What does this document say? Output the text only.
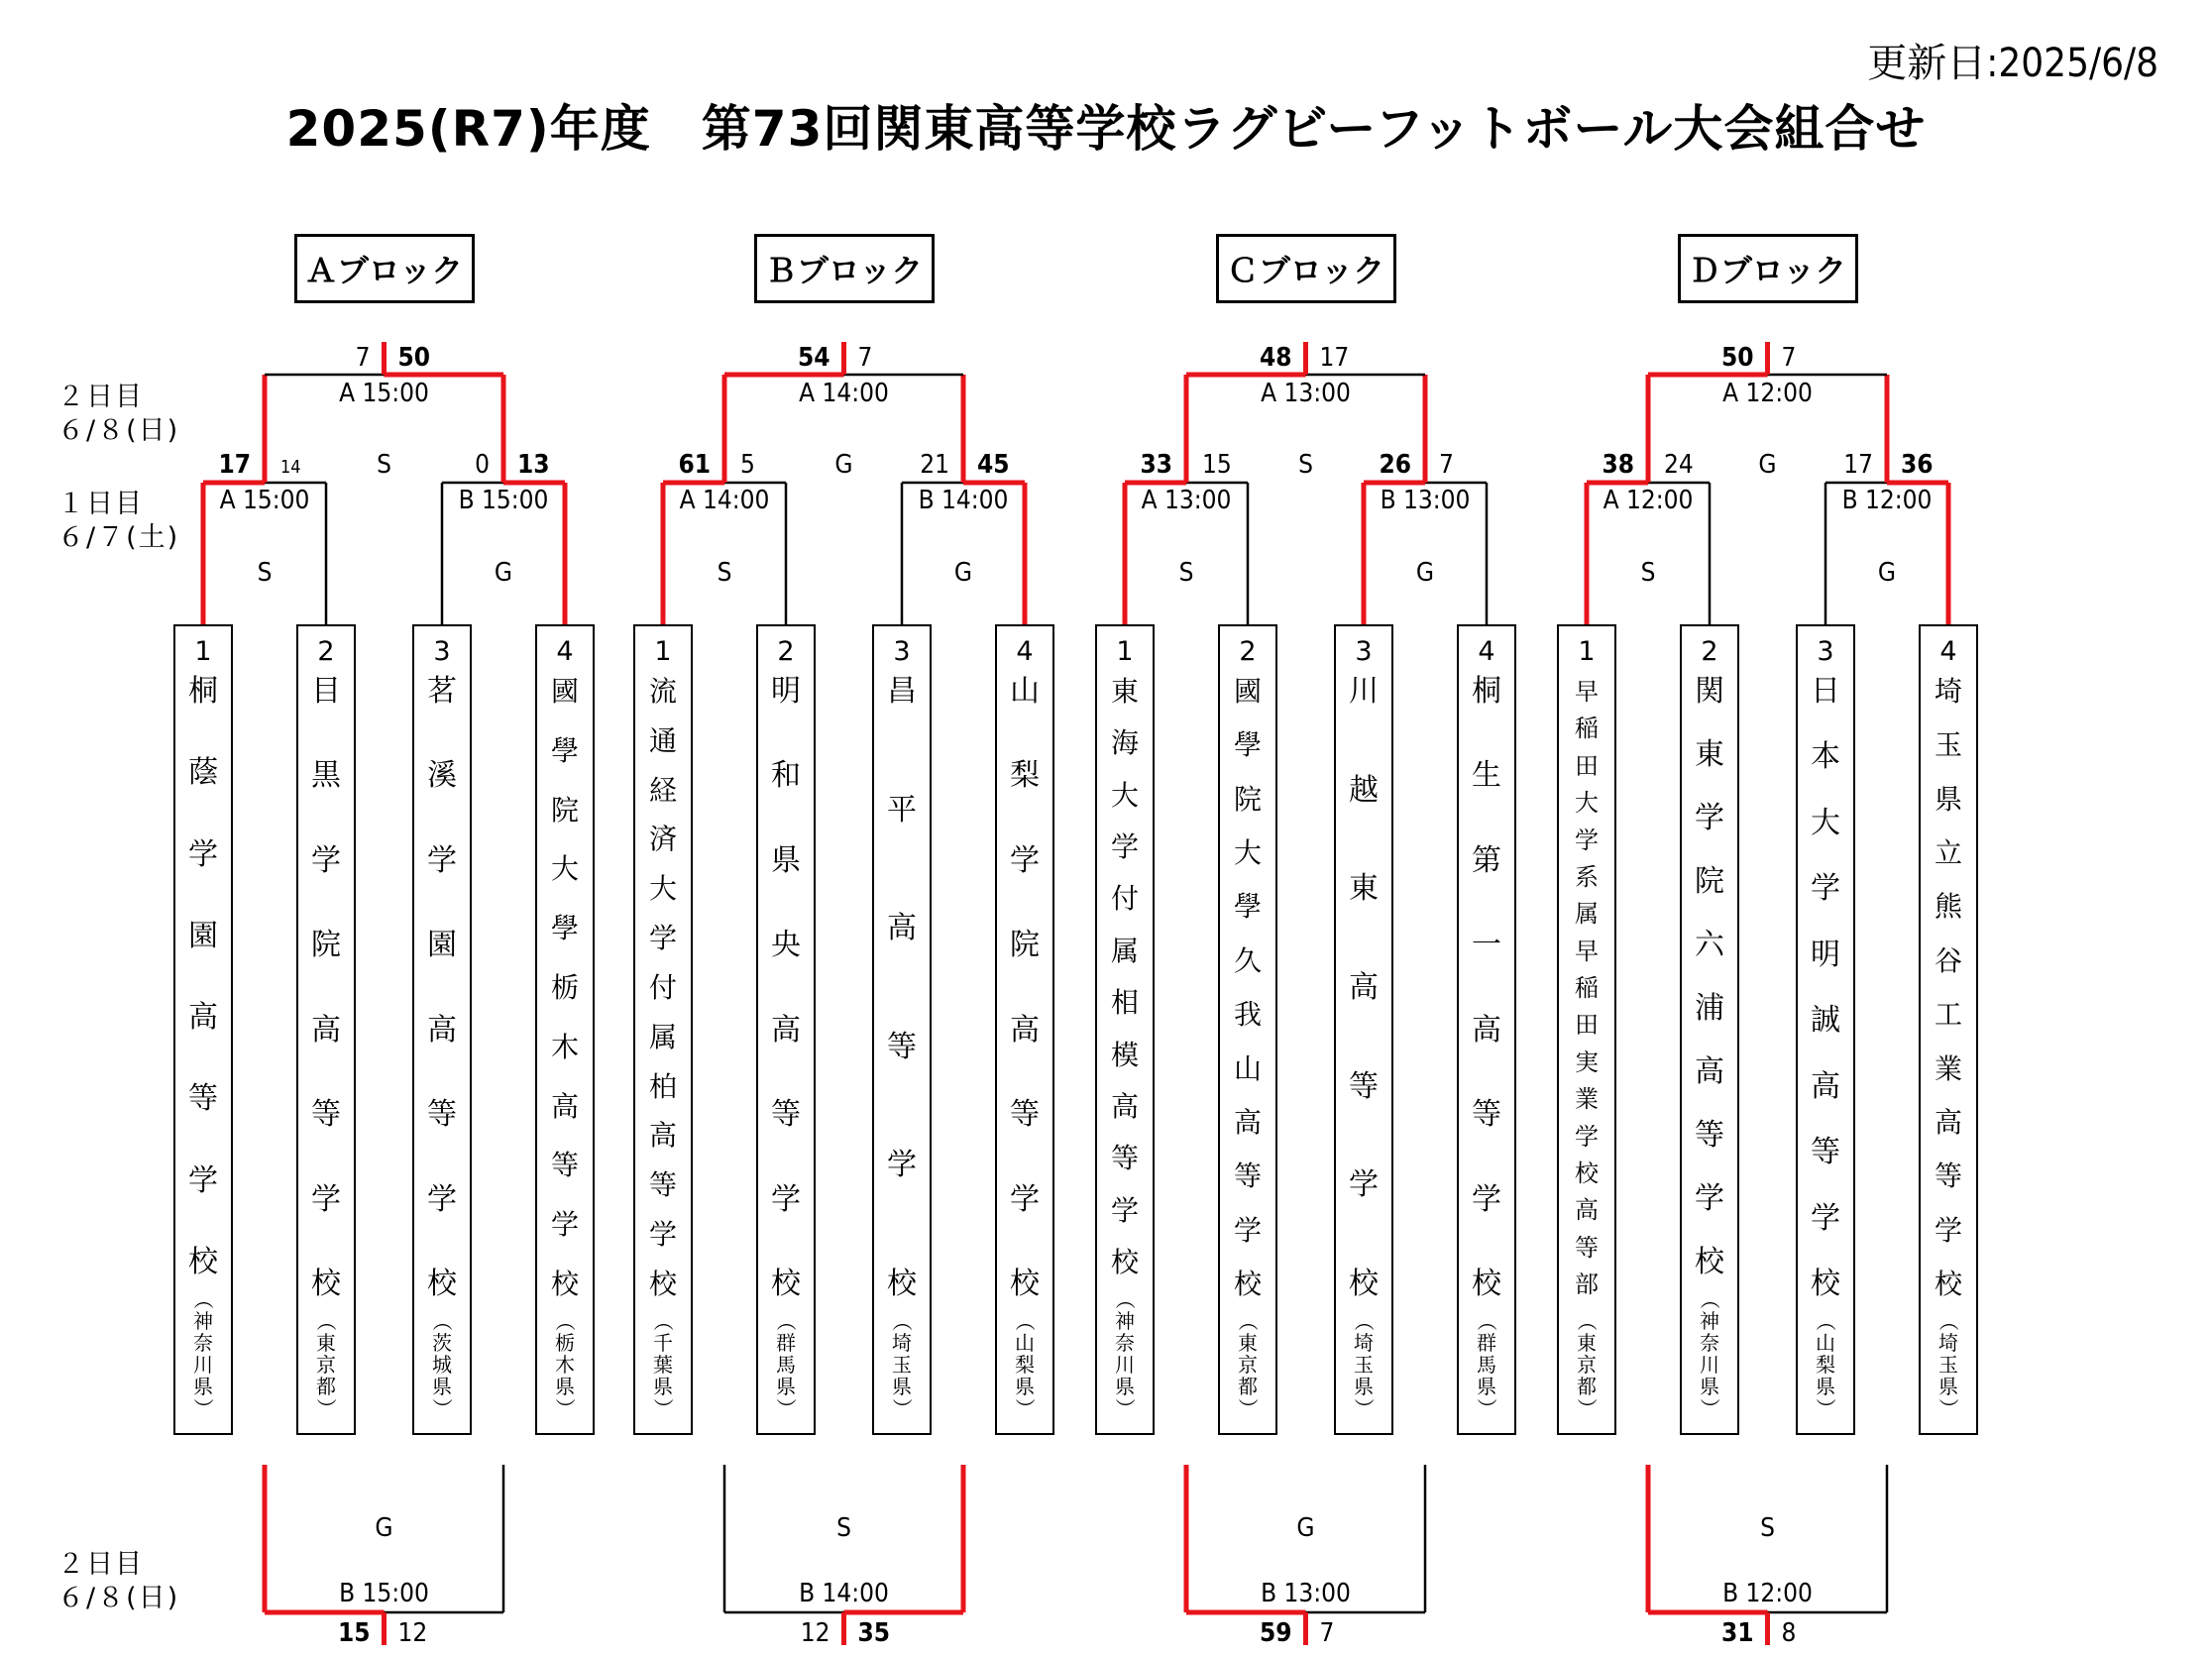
更新日:2025/6/8
2025(R7)年度　第73回関東高等学校ラグビーフットボール大会組合せ
２日目
６/８(日)
１日目
６/７(土)
２日目
６/８(日)
Ａブロック
1
桐
蔭
学
園
高
等
学
校
（
神
奈
川
県
）
2
目
黒
学
院
高
等
学
校
（
東
京
都
）
3
茗
溪
学
園
高
等
学
校
（
茨
城
県
）
4
國
學
院
大
學
栃
木
高
等
学
校
（
栃
木
県
）
Ｂブロック
1
流
通
経
済
大
学
付
属
柏
高
等
学
校
（
千
葉
県
）
2
明
和
県
央
高
等
学
校
（
群
馬
県
）
3
昌
平
高
等
学
校
（
埼
玉
県
）
4
山
梨
学
院
高
等
学
校
（
山
梨
県
）
Ｃブロック
1
東
海
大
学
付
属
相
模
高
等
学
校
（
神
奈
川
県
）
2
國
學
院
大
學
久
我
山
高
等
学
校
（
東
京
都
）
3
川
越
東
高
等
学
校
（
埼
玉
県
）
4
桐
生
第
一
高
等
学
校
（
群
馬
県
）
Ｄブロック
1
早
稲
田
大
学
系
属
早
稲
田
実
業
学
校
高
等
部
（
東
京
都
）
2
関
東
学
院
六
浦
高
等
学
校
（
神
奈
川
県
）
3
日
本
大
学
明
誠
高
等
学
校
（
山
梨
県
）
4
埼
玉
県
立
熊
谷
工
業
高
等
学
校
（
埼
玉
県
）
7 50
A 15:00
S
17 14
A 15:00
S
0 13
B 15:00
G
G
B 15:00
15 12
54 7
A 14:00
G
61 5
A 14:00
S
21 45
B 14:00
G
S
B 14:00
12 35
48 17
A 13:00
S
33 15
A 13:00
S
26 7
B 13:00
G
G
B 13:00
59 7
50 7
A 12:00
G
38 24
A 12:00
S
17 36
B 12:00
G
S
B 12:00
31 8
